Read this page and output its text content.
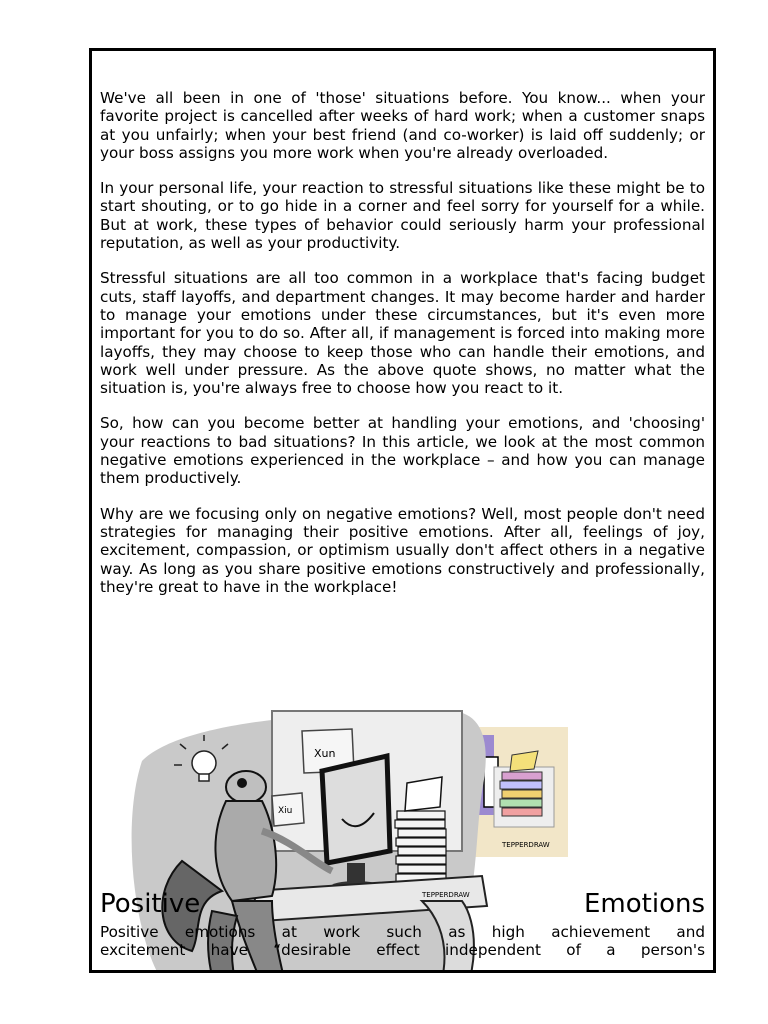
We've all been in one of 'those' situations before. You know... when your favorite project is cancelled after weeks of hard work; when a customer snaps at you unfairly; when your best friend (and co-worker) is laid off suddenly; or your boss assigns you more work when you're already overloaded.

In your personal life, your reaction to stressful situations like these might be to start shouting, or to go hide in a corner and feel sorry for yourself for a while. But at work, these types of behavior could seriously harm your professional reputation, as well as your productivity.

Stressful situations are all too common in a workplace that's facing budget cuts, staff layoffs, and department changes. It may become harder and harder to manage your emotions under these circumstances, but it's even more important for you to do so. After all, if management is forced into making more layoffs, they may choose to keep those who can handle their emotions, and work well under pressure. As the above quote shows, no matter what the situation is, you're always free to choose how you react to it.

So, how can you become better at handling your emotions, and 'choosing' your reactions to bad situations? In this article, we look at the most common negative emotions experienced in the workplace – and how you can manage them productively.

Why are we focusing only on negative emotions? Well, most people don't need strategies for managing their positive emotions. After all, feelings of joy, excitement, compassion, or optimism usually don't affect others in a negative way. As long as you share positive emotions constructively and professionally, they're great to have in the workplace!

TEPPERDRAW
Xun
Xiu
TEPPERDRAW
Positive	Emotions
Positive emotions at work such as high achievement and
excitement have “desirable effect independent of a person's
